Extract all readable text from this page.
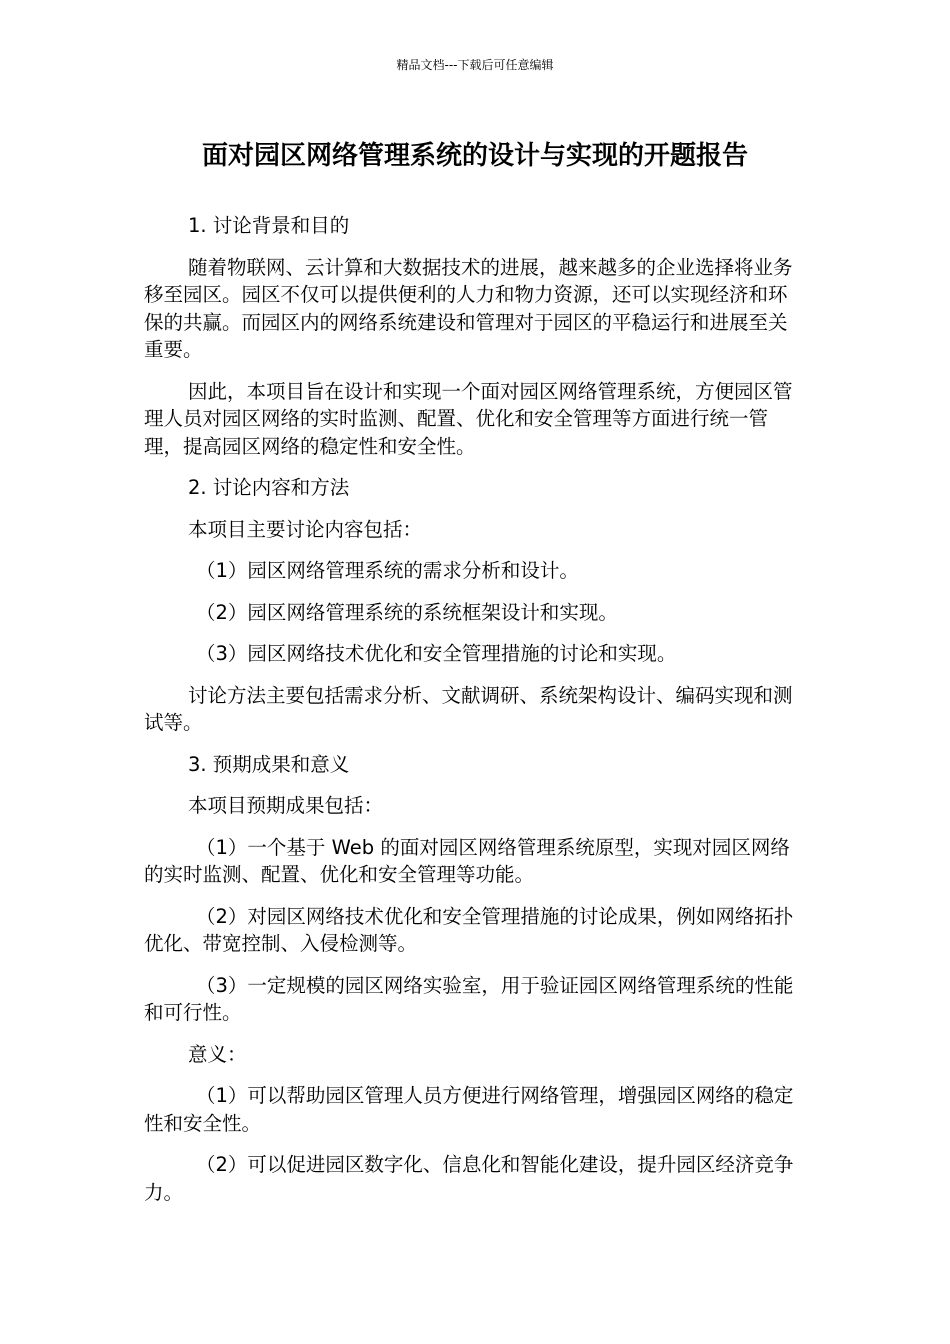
精品文档---下载后可任意编辑
面对园区网络管理系统的设计与实现的开题报告

1. 讨论背景和目的

随着物联网、云计算和大数据技术的进展，越来越多的企业选择将业务移至园区。园区不仅可以提供便利的人力和物力资源，还可以实现经济和环保的共赢。而园区内的网络系统建设和管理对于园区的平稳运行和进展至关重要。

因此，本项目旨在设计和实现一个面对园区网络管理系统，方便园区管理人员对园区网络的实时监测、配置、优化和安全管理等方面进行统一管理，提高园区网络的稳定性和安全性。

2. 讨论内容和方法

本项目主要讨论内容包括：

（1）园区网络管理系统的需求分析和设计。

（2）园区网络管理系统的系统框架设计和实现。

（3）园区网络技术优化和安全管理措施的讨论和实现。

讨论方法主要包括需求分析、文献调研、系统架构设计、编码实现和测试等。

3. 预期成果和意义

本项目预期成果包括：

（1）一个基于 Web 的面对园区网络管理系统原型，实现对园区网络的实时监测、配置、优化和安全管理等功能。

（2）对园区网络技术优化和安全管理措施的讨论成果，例如网络拓扑优化、带宽控制、入侵检测等。

（3）一定规模的园区网络实验室，用于验证园区网络管理系统的性能和可行性。

意义：

（1）可以帮助园区管理人员方便进行网络管理，增强园区网络的稳定性和安全性。

（2）可以促进园区数字化、信息化和智能化建设，提升园区经济竞争力。
